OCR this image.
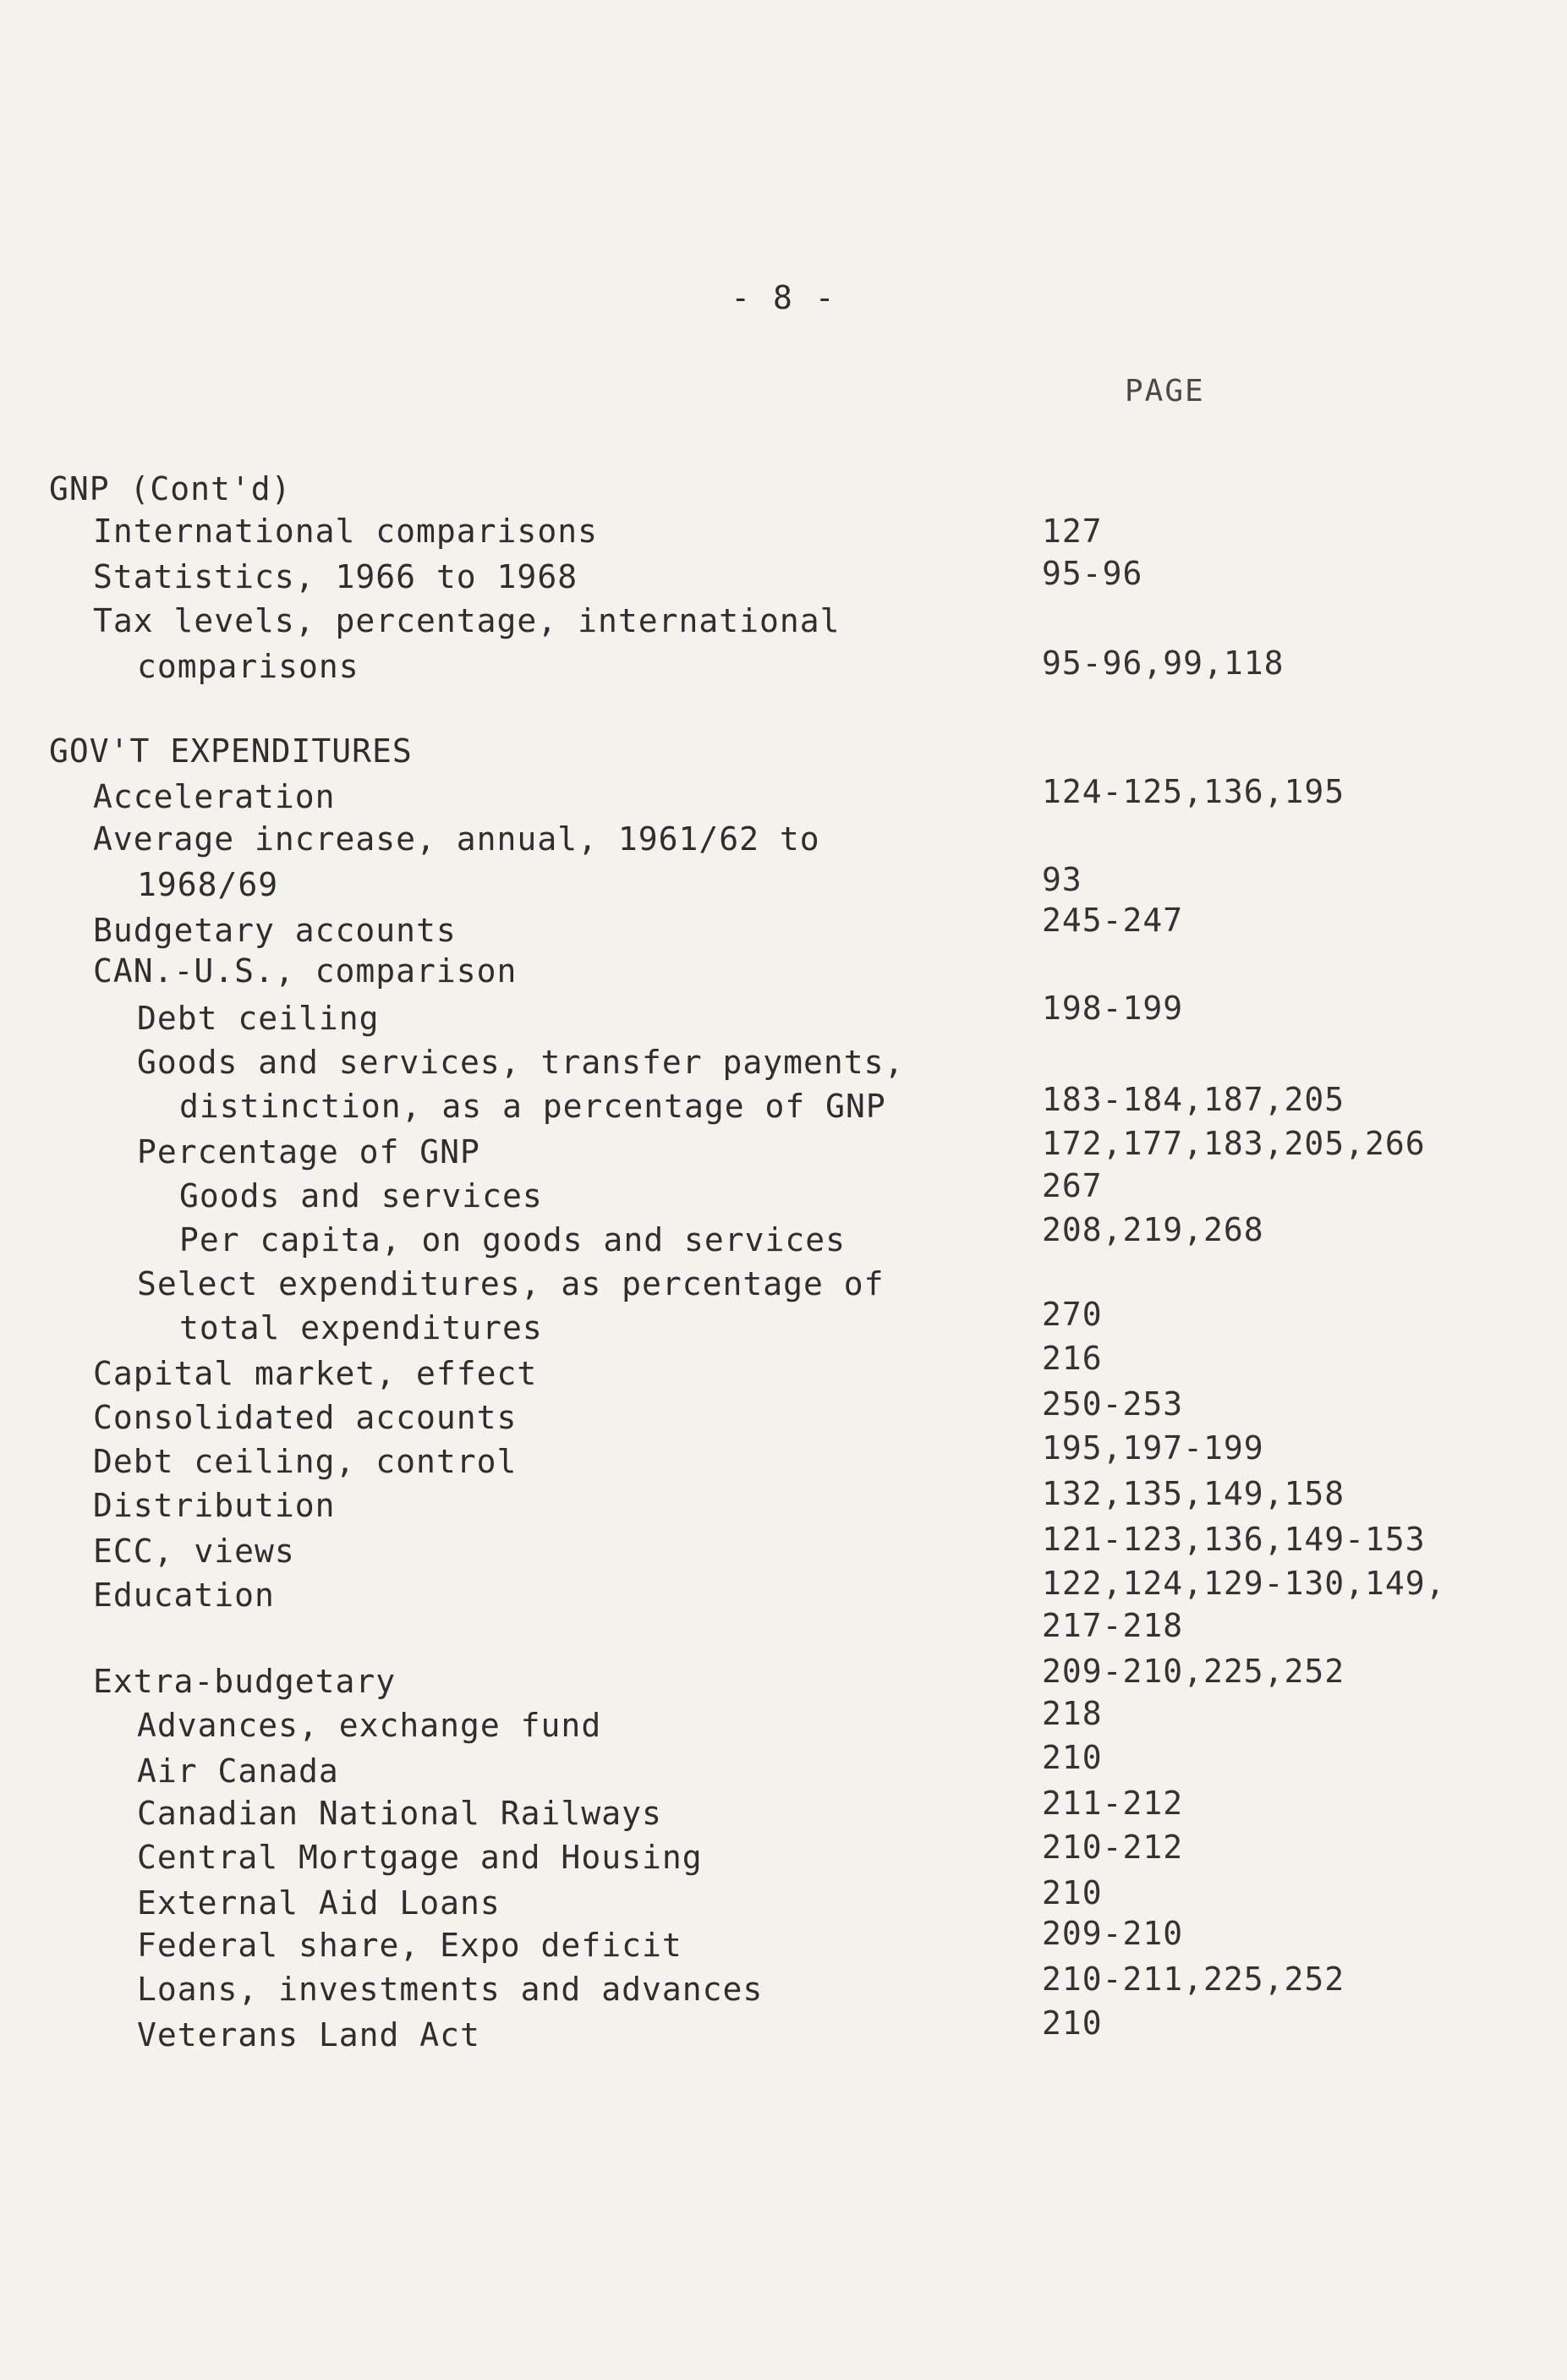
- 8 -
PAGE
GNP (Cont'd)
International comparisons	127
Statistics, 1966 to 1968	95-96
Tax levels, percentage, international
comparisons	95-96,99,118
GOV'T EXPENDITURES
Acceleration	124-125,136,195
Average increase, annual, 1961/62 to
1968/69	93
Budgetary accounts	245-247
CAN.-U.S., comparison
Debt ceiling	198-199
Goods and services, transfer payments,
distinction, as a percentage of GNP	183-184,187,205
Percentage of GNP	172,177,183,205,266
Goods and services	267
Per capita, on goods and services	208,219,268
Select expenditures, as percentage of
total expenditures	270
Capital market, effect	216
Consolidated accounts	250-253
Debt ceiling, control	195,197-199
Distribution	132,135,149,158
ECC, views	121-123,136,149-153
Education	122,124,129-130,149,
217-218
Extra-budgetary	209-210,225,252
Advances, exchange fund	218
Air Canada	210
Canadian National Railways	211-212
Central Mortgage and Housing	210-212
External Aid Loans	210
Federal share, Expo deficit	209-210
Loans, investments and advances	210-211,225,252
Veterans Land Act	210
